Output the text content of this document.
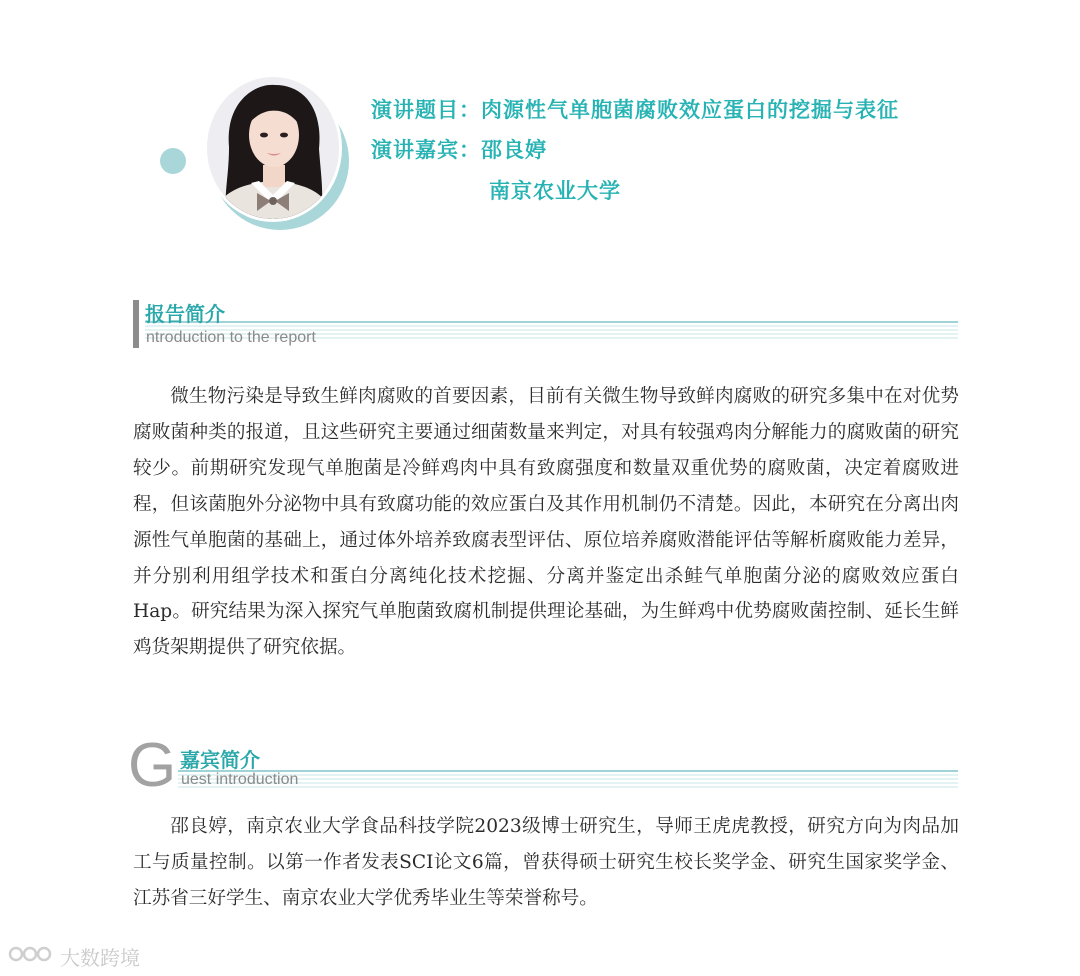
演讲题目：肉源性气单胞菌腐败效应蛋白的挖掘与表征
演讲嘉宾：邵良婷
南京农业大学
报告简介
ntroduction to the report
微生物污染是导致生鲜肉腐败的首要因素，目前有关微生物导致鲜肉腐败的研究多集中在对优势腐败菌种类的报道，且这些研究主要通过细菌数量来判定，对具有较强鸡肉分解能力的腐败菌的研究较少。前期研究发现气单胞菌是冷鲜鸡肉中具有致腐强度和数量双重优势的腐败菌，决定着腐败进程，但该菌胞外分泌物中具有致腐功能的效应蛋白及其作用机制仍不清楚。因此，本研究在分离出肉源性气单胞菌的基础上，通过体外培养致腐表型评估、原位培养腐败潜能评估等解析腐败能力差异，并分别利用组学技术和蛋白分离纯化技术挖掘、分离并鉴定出杀鲑气单胞菌分泌的腐败效应蛋白Hap。研究结果为深入探究气单胞菌致腐机制提供理论基础，为生鲜鸡中优势腐败菌控制、延长生鲜鸡货架期提供了研究依据。
G 嘉宾简介
uest introduction
邵良婷，南京农业大学食品科技学院2023级博士研究生，导师王虎虎教授，研究方向为肉品加工与质量控制。以第一作者发表SCI论文6篇，曾获得硕士研究生校长奖学金、研究生国家奖学金、江苏省三好学生、南京农业大学优秀毕业生等荣誉称号。
大数跨境
